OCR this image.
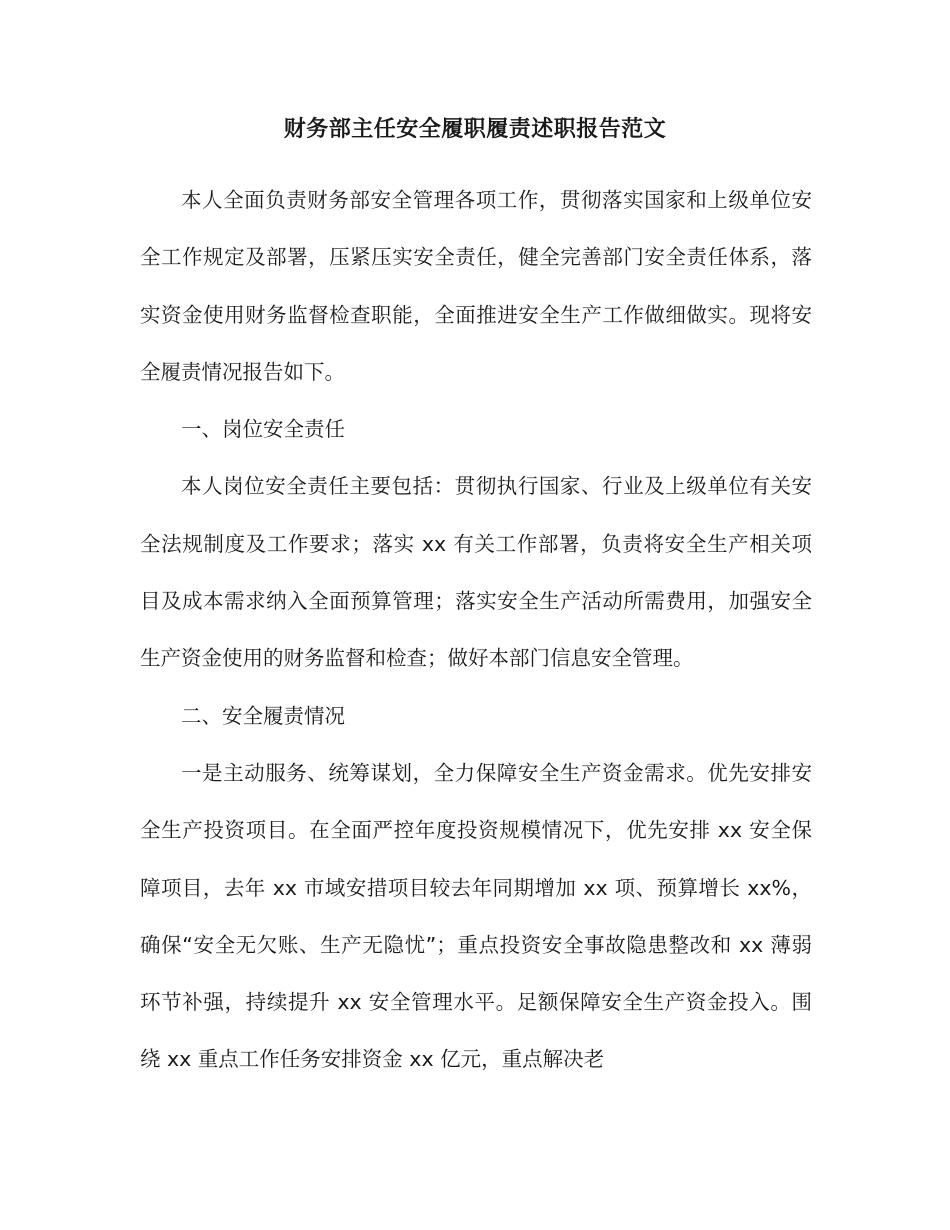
财务部主任安全履职履责述职报告范文

本人全面负责财务部安全管理各项工作，贯彻落实国家和上级单位安全工作规定及部署，压紧压实安全责任，健全完善部门安全责任体系，落实资金使用财务监督检查职能，全面推进安全生产工作做细做实。现将安全履责情况报告如下。

一、岗位安全责任

本人岗位安全责任主要包括：贯彻执行国家、行业及上级单位有关安全法规制度及工作要求；落实 xx 有关工作部署，负责将安全生产相关项目及成本需求纳入全面预算管理；落实安全生产活动所需费用，加强安全生产资金使用的财务监督和检查；做好本部门信息安全管理。

二、安全履责情况

一是主动服务、统筹谋划，全力保障安全生产资金需求。优先安排安全生产投资项目。在全面严控年度投资规模情况下，优先安排 xx 安全保障项目，去年 xx 市域安措项目较去年同期增加 xx 项、预算增长 xx%，确保“安全无欠账、生产无隐忧”；重点投资安全事故隐患整改和 xx 薄弱环节补强，持续提升 xx 安全管理水平。足额保障安全生产资金投入。围绕 xx 重点工作任务安排资金 xx 亿元，重点解决老
